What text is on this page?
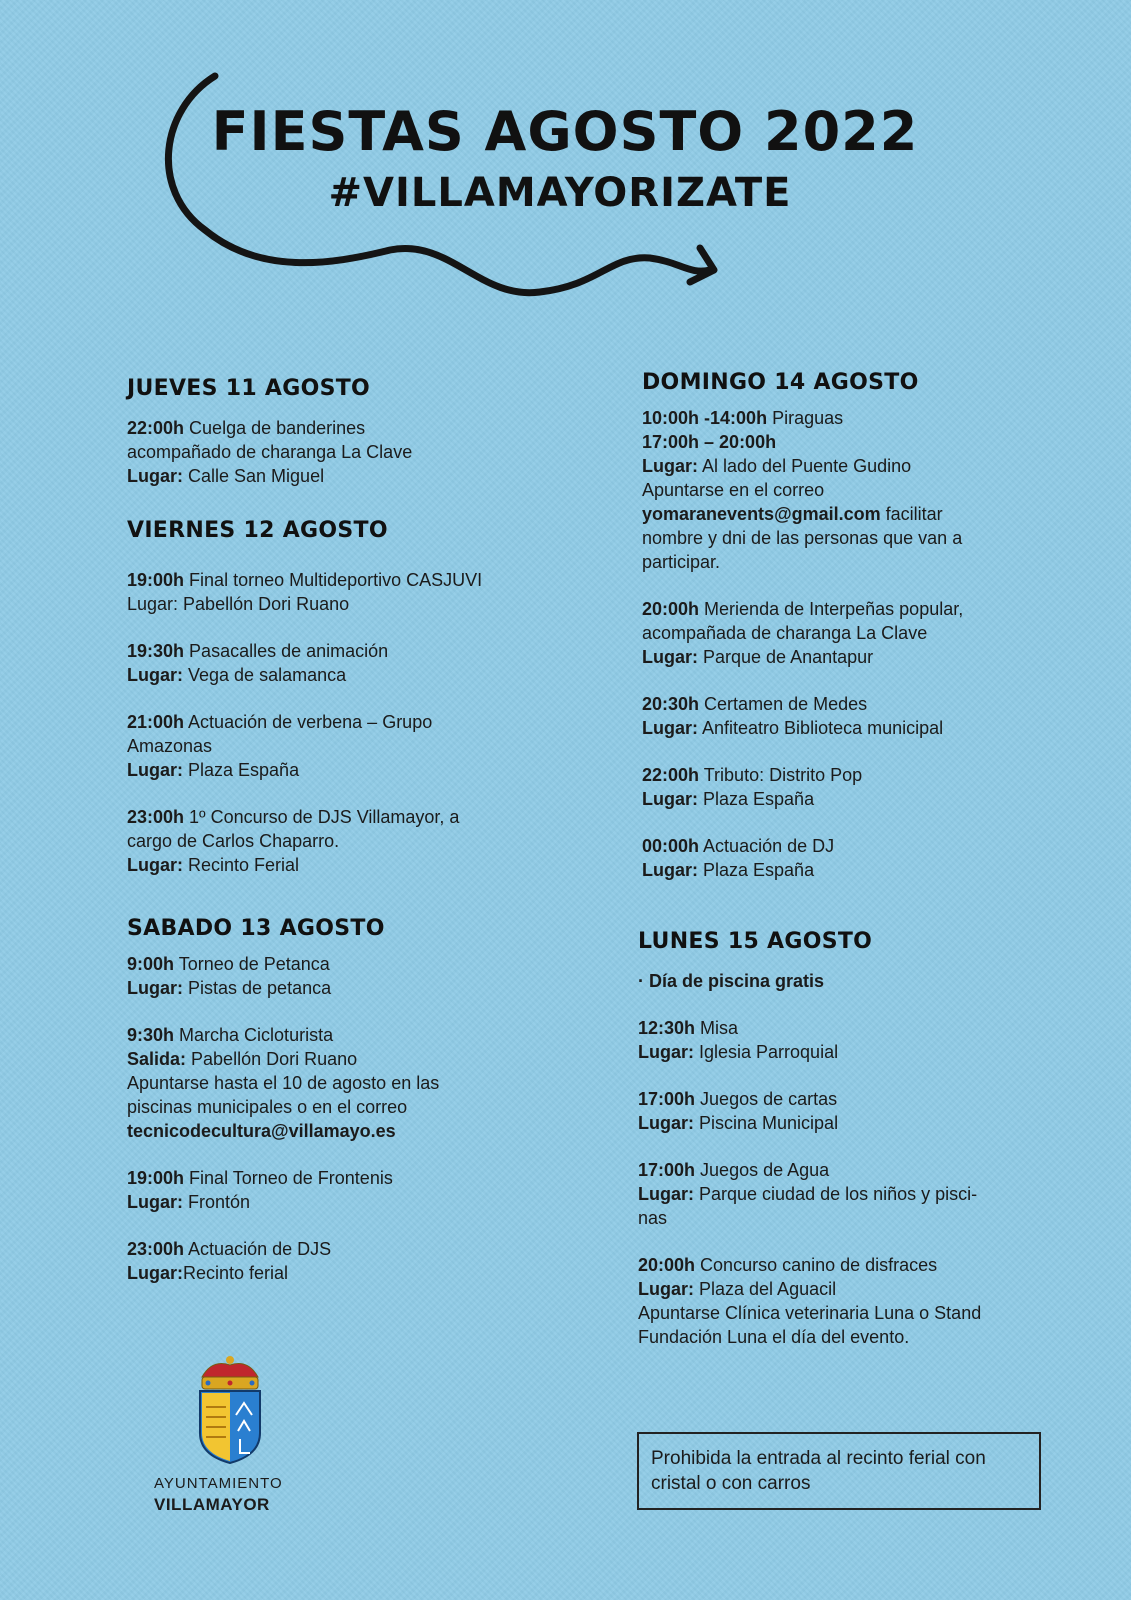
FIESTAS AGOSTO 2022
#VILLAMAYORIZATE
JUEVES 11 AGOSTO
22:00h Cuelga de banderines
acompañado de charanga La Clave
Lugar: Calle San Miguel
VIERNES 12 AGOSTO
19:00h Final torneo Multideportivo CASJUVI
Lugar: Pabellón Dori Ruano
19:30h Pasacalles de animación
Lugar: Vega de salamanca
21:00h Actuación de verbena – Grupo
Amazonas
Lugar: Plaza España
23:00h 1º Concurso de DJS Villamayor, a
cargo de Carlos Chaparro.
Lugar: Recinto Ferial
SABADO 13 AGOSTO
9:00h Torneo de Petanca
Lugar: Pistas de petanca
9:30h Marcha Cicloturista
Salida: Pabellón Dori Ruano
Apuntarse hasta el 10 de agosto en las
piscinas municipales o en el correo
tecnicodecultura@villamayo.es
19:00h Final Torneo de Frontenis
Lugar: Frontón
23:00h Actuación de DJS
Lugar:Recinto ferial
DOMINGO 14 AGOSTO
10:00h -14:00h Piraguas
17:00h – 20:00h
Lugar: Al lado del Puente Gudino
Apuntarse en el correo
yomaranevents@gmail.com facilitar
nombre y dni de las personas que van a
participar.
20:00h Merienda de Interpeñas popular,
acompañada de charanga La Clave
Lugar: Parque de Anantapur
20:30h Certamen de Medes
Lugar: Anfiteatro Biblioteca municipal
22:00h Tributo: Distrito Pop
Lugar: Plaza España
00:00h Actuación de DJ
Lugar: Plaza España
LUNES 15 AGOSTO
· Día de piscina gratis
12:30h Misa
Lugar: Iglesia Parroquial
17:00h Juegos de cartas
Lugar: Piscina Municipal
17:00h Juegos de Agua
Lugar: Parque ciudad de los niños y pisci-
nas
20:00h Concurso canino de disfraces
Lugar: Plaza del Aguacil
Apuntarse Clínica veterinaria Luna o Stand
Fundación Luna el día del evento.
Prohibida la entrada al recinto ferial con
cristal o con carros
AYUNTAMIENTO
VILLAMAYOR
